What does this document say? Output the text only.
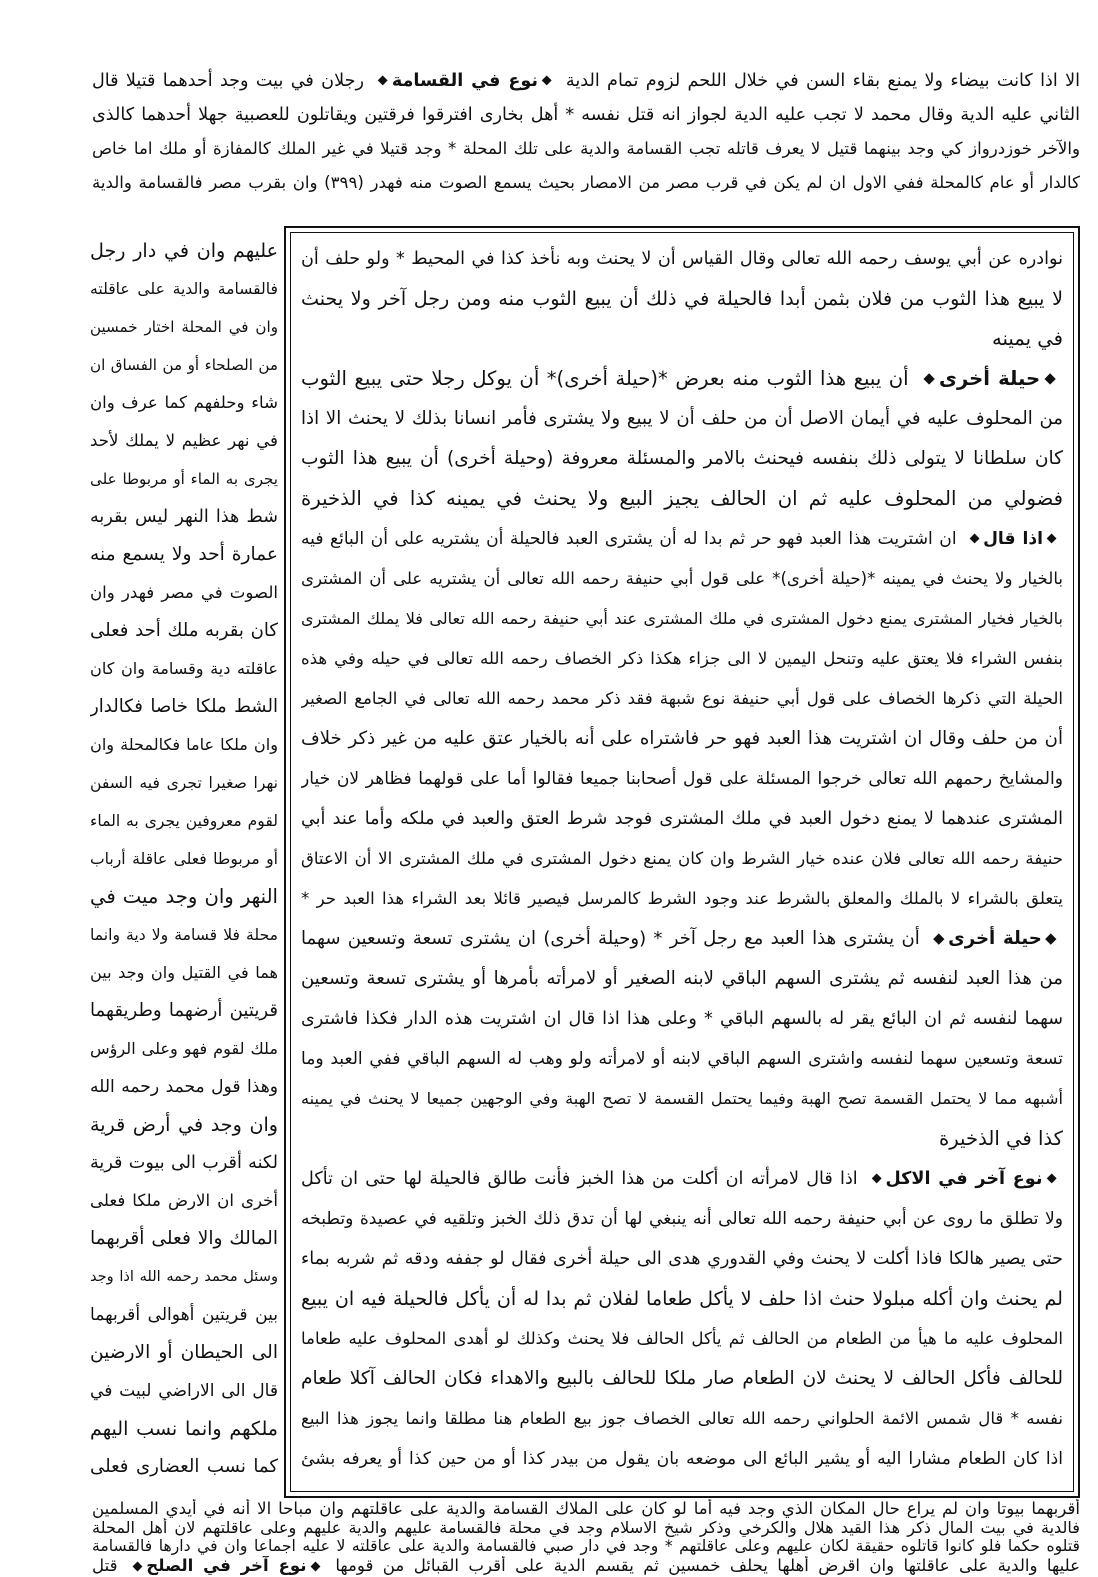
الا اذا كانت بيضاء ولا يمنع بقاء السن في خلال اللحم لزوم تمام الدية نوع في القسامة رجلان في بيت وجد أحدهما قتيلا قال
الثاني عليه الدية وقال محمد لا تجب عليه الدية لجواز انه قتل نفسه * أهل بخارى افترقوا فرقتين ويقاتلون للعصبية جهلا أحدهما كالذى
والآخر خوزدرواز كي وجد بينهما قتيل لا يعرف قاتله تجب القسامة والدية على تلك المحلة * وجد قتيلا في غير الملك كالمفازة أو ملك اما خاص
كالدار أو عام كالمحلة ففي الاول ان لم يكن في قرب مصر من الامصار بحيث يسمع الصوت منه فهدر (٣٩٩) وان بقرب مصر فالقسامة والدية
نوادره عن أبي يوسف رحمه الله تعالى وقال القياس أن لا يحنث وبه نأخذ كذا في المحيط * ولو حلف أن
لا يبيع هذا الثوب من فلان بثمن أبدا فالحيلة في ذلك أن يبيع الثوب منه ومن رجل آخر ولا يحنث
في يمينه
حيلة أخرى أن يبيع هذا الثوب منه بعرض *(حيلة أخرى)* أن يوكل رجلا حتى يبيع الثوب
من المحلوف عليه في أيمان الاصل أن من حلف أن لا يبيع ولا يشترى فأمر انسانا بذلك لا يحنث الا اذا
كان سلطانا لا يتولى ذلك بنفسه فيحنث بالامر والمسئلة معروفة (وحيلة أخرى) أن يبيع هذا الثوب
فضولي من المحلوف عليه ثم ان الحالف يجيز البيع ولا يحنث في يمينه كذا في الذخيرة
اذا قال ان اشتريت هذا العبد فهو حر ثم بدا له أن يشترى العبد فالحيلة أن يشتريه على أن البائع فيه
بالخيار ولا يحنث في يمينه *(حيلة أخرى)* على قول أبي حنيفة رحمه الله تعالى أن يشتريه على أن المشترى
بالخيار فخيار المشترى يمنع دخول المشترى في ملك المشترى عند أبي حنيفة رحمه الله تعالى فلا يملك المشترى
بنفس الشراء فلا يعتق عليه وتنحل اليمين لا الى جزاء هكذا ذكر الخصاف رحمه الله تعالى في حيله وفي هذه
الحيلة التي ذكرها الخصاف على قول أبي حنيفة نوع شبهة فقد ذكر محمد رحمه الله تعالى في الجامع الصغير
أن من حلف وقال ان اشتريت هذا العبد فهو حر فاشتراه على أنه بالخيار عتق عليه من غير ذكر خلاف
والمشايخ رحمهم الله تعالى خرجوا المسئلة على قول أصحابنا جميعا فقالوا أما على قولهما فظاهر لان خيار
المشترى عندهما لا يمنع دخول العبد في ملك المشترى فوجد شرط العتق والعبد في ملكه وأما عند أبي
حنيفة رحمه الله تعالى فلان عنده خيار الشرط وان كان يمنع دخول المشترى في ملك المشترى الا أن الاعتاق
يتعلق بالشراء لا بالملك والمعلق بالشرط عند وجود الشرط كالمرسل فيصير قائلا بعد الشراء هذا العبد حر *
حيلة أخرى أن يشترى هذا العبد مع رجل آخر * (وحيلة أخرى) ان يشترى تسعة وتسعين سهما
من هذا العبد لنفسه ثم يشترى السهم الباقي لابنه الصغير أو لامرأته بأمرها أو يشترى تسعة وتسعين
سهما لنفسه ثم ان البائع يقر له بالسهم الباقي * وعلى هذا اذا قال ان اشتريت هذه الدار فكذا فاشترى
تسعة وتسعين سهما لنفسه واشترى السهم الباقي لابنه أو لامرأته ولو وهب له السهم الباقي ففي العبد وما
أشبهه مما لا يحتمل القسمة تصح الهبة وفيما يحتمل القسمة لا تصح الهبة وفي الوجهين جميعا لا يحنث في يمينه
كذا في الذخيرة
نوع آخر في الاكل اذا قال لامرأته ان أكلت من هذا الخبز فأنت طالق فالحيلة لها حتى ان تأكل
ولا تطلق ما روى عن أبي حنيفة رحمه الله تعالى أنه ينبغي لها أن تدق ذلك الخبز وتلقيه في عصيدة وتطبخه
حتى يصير هالكا فاذا أكلت لا يحنث وفي القدوري هدى الى حيلة أخرى فقال لو جففه ودقه ثم شربه بماء
لم يحنث وان أكله مبلولا حنث اذا حلف لا يأكل طعاما لفلان ثم بدا له أن يأكل فالحيلة فيه ان يبيع
المحلوف عليه ما هيأ من الطعام من الحالف ثم يأكل الحالف فلا يحنث وكذلك لو أهدى المحلوف عليه طعاما
للحالف فأكل الحالف لا يحنث لان الطعام صار ملكا للحالف بالبيع والاهداء فكان الحالف آكلا طعام
نفسه * قال شمس الائمة الحلواني رحمه الله تعالى الخصاف جوز بيع الطعام هنا مطلقا وانما يجوز هذا البيع
اذا كان الطعام مشارا اليه أو يشير البائع الى موضعه بان يقول من بيدر كذا أو من حين كذا أو يعرفه بشئ
عليهم وان في دار رجل
فالقسامة والدية على عاقلته
وان في المحلة اختار خمسين
من الصلحاء أو من الفساق ان
شاء وحلفهم كما عرف وان
في نهر عظيم لا يملك لأحد
يجرى به الماء أو مربوطا على
شط هذا النهر ليس بقربه
عمارة أحد ولا يسمع منه
الصوت في مصر فهدر وان
كان بقربه ملك أحد فعلى
عاقلته دية وقسامة وان كان
الشط ملكا خاصا فكالدار
وان ملكا عاما فكالمحلة وان
نهرا صغيرا تجرى فيه السفن
لقوم معروفين يجرى به الماء
أو مربوطا فعلى عاقلة أرباب
النهر وان وجد ميت في
محلة فلا قسامة ولا دية وانما
هما في القتيل وان وجد بين
قريتين أرضهما وطريقهما
ملك لقوم فهو وعلى الرؤس
وهذا قول محمد رحمه الله
وان وجد في أرض قرية
لكنه أقرب الى بيوت قرية
أخرى ان الارض ملكا فعلى
المالك والا فعلى أقربهما
وسئل محمد رحمه الله اذا وجد
بين قريتين أهوالى أقربهما
الى الحيطان أو الارضين
قال الى الاراضي لبيت في
ملكهم وانما نسب اليهم
كما نسب العضارى فعلى
أقربهما بيوتا وان لم يراع حال المكان الذي وجد فيه أما لو كان على الملاك القسامة والدية على عاقلتهم وان مباحا الا أنه في أيدي المسلمين
فالدية في بيت المال ذكر هذا القيد هلال والكرخي وذكر شيخ الاسلام وجد في محلة فالقسامة عليهم والدية عليهم وعلى عاقلتهم لان أهل المحلة
قتلوه حكما فلو كانوا قاتلوه حقيقة لكان عليهم وعلى عاقلتهم * وجد في دار صبي فالقسامة والدية على عاقلته لا عليه اجماعا وان في دارها فالقسامة
عليها والدية على عاقلتها وان اقرض أهلها يحلف خمسين ثم يقسم الدية على أقرب القبائل من قومها نوع آخر في الصلح قتل
